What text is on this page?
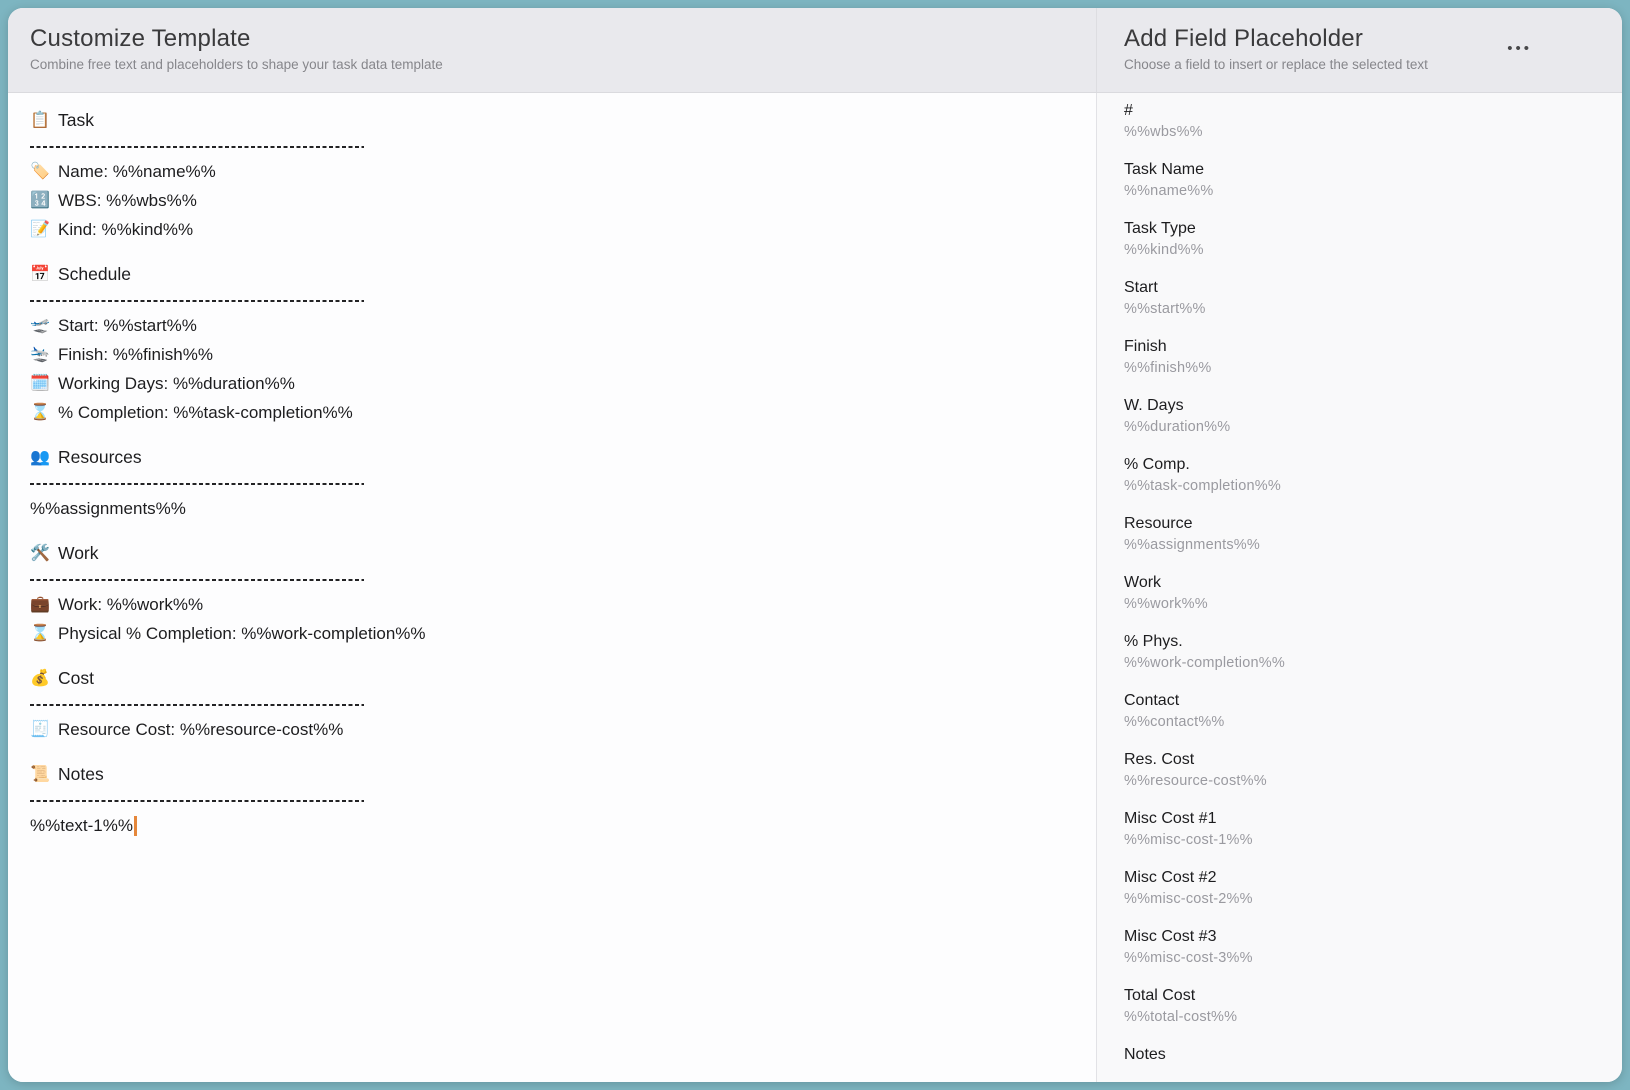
Customize Template
Combine free text and placeholders to shape your task data template
Add Field Placeholder
Choose a field to insert or replace the selected text
•••
📋 Task
🏷️ Name: %%name%%
🔢 WBS: %%wbs%%
📝 Kind: %%kind%%
📅 Schedule
🛫 Start: %%start%%
🛬 Finish: %%finish%%
🗓️ Working Days: %%duration%%
⌛ % Completion: %%task-completion%%
👥 Resources
%%assignments%%
🛠️ Work
💼 Work: %%work%%
⌛ Physical % Completion: %%work-completion%%
💰 Cost
🧾 Resource Cost: %%resource-cost%%
📜 Notes
%%text-1%%
#
%%wbs%%
Task Name
%%name%%
Task Type
%%kind%%
Start
%%start%%
Finish
%%finish%%
W. Days
%%duration%%
% Comp.
%%task-completion%%
Resource
%%assignments%%
Work
%%work%%
% Phys.
%%work-completion%%
Contact
%%contact%%
Res. Cost
%%resource-cost%%
Misc Cost #1
%%misc-cost-1%%
Misc Cost #2
%%misc-cost-2%%
Misc Cost #3
%%misc-cost-3%%
Total Cost
%%total-cost%%
Notes
